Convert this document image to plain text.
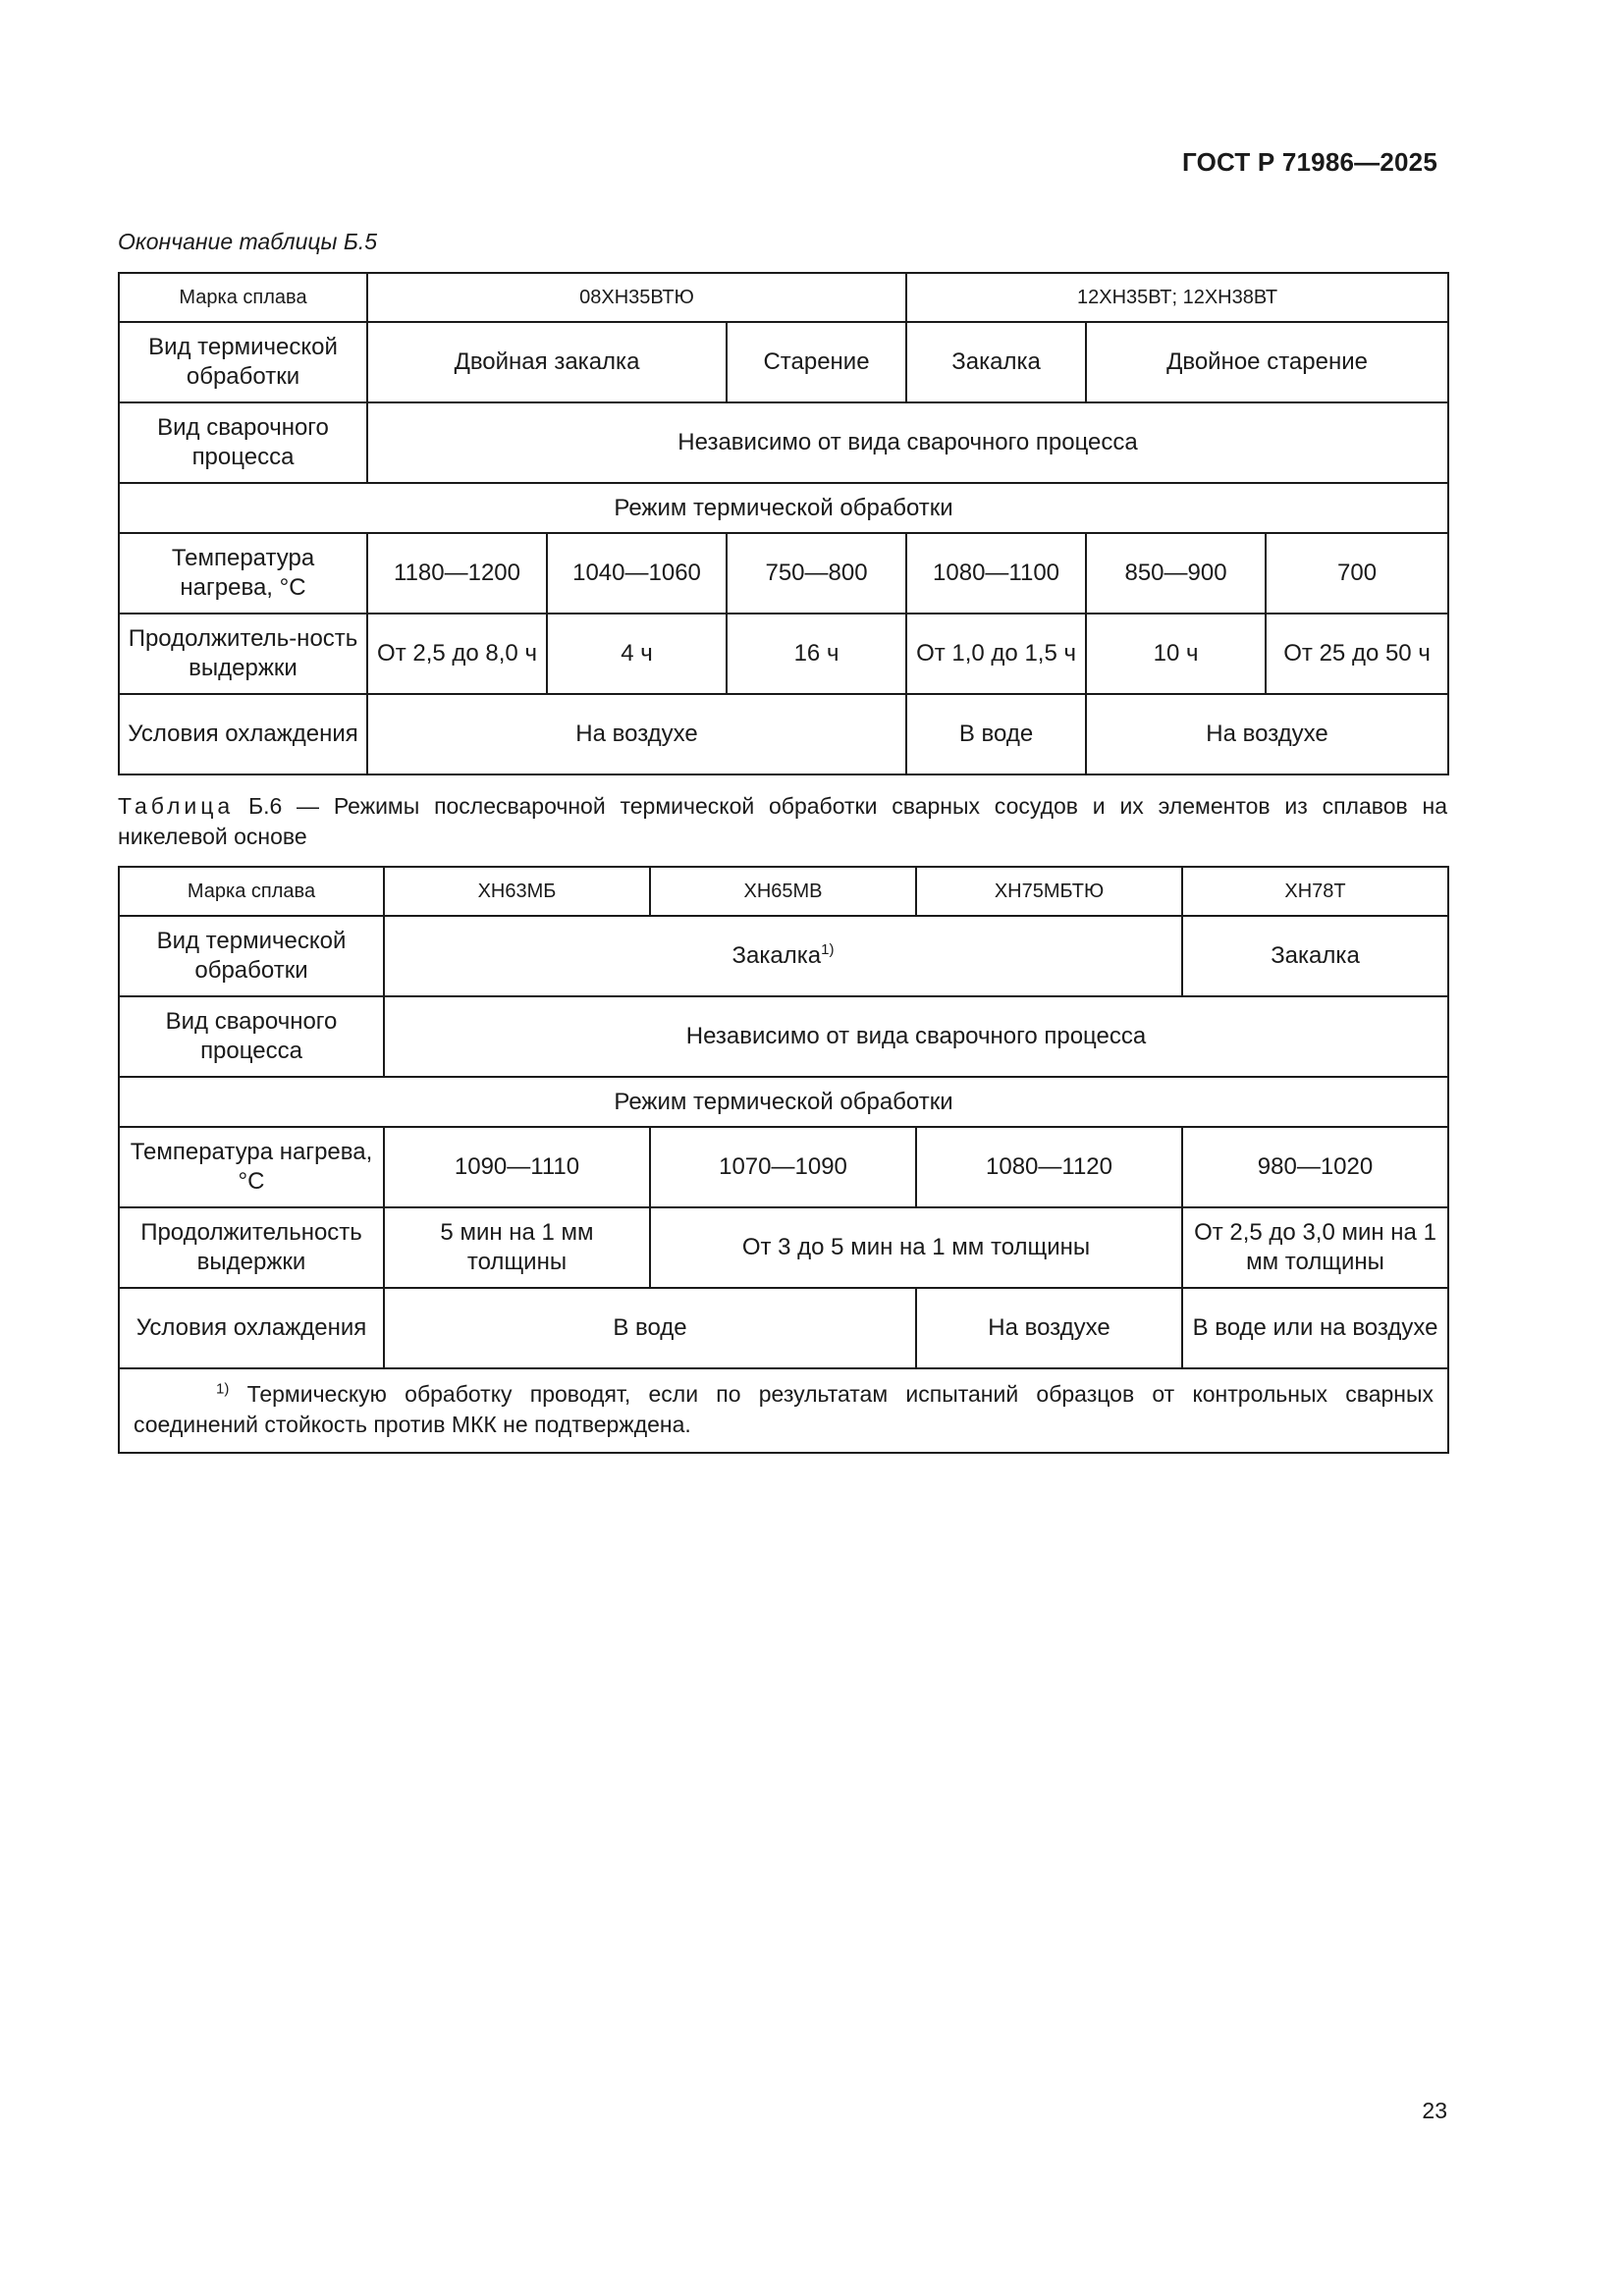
ГОСТ Р 71986—2025
Окончание таблицы Б.5
Марка сплава	08ХН35ВТЮ			12ХН35ВТ; 12ХН38ВТ		
Вид термической обработки	Двойная закалка		Старение	Закалка	Двойное старение	
Вид сварочного процесса	Независимо от вида сварочного процесса					
Режим термической обработки						
Температура нагрева, °С	1180—1200	1040—1060	750—800	1080—1100	850—900	700
Продолжитель-ность выдержки	От 2,5 до 8,0 ч	4 ч	16 ч	От 1,0 до 1,5 ч	10 ч	От 25 до 50 ч
Условия охлаждения	На воздухе			В воде	На воздухе	
Таблица Б.6 — Режимы послесварочной термической обработки сварных сосудов и их элементов из сплавов на никелевой основе
Марка сплава	ХН63МБ	ХН65МВ	ХН75МБТЮ	ХН78Т
Вид термической обработки	Закалка$^{1)}$			Закалка
Вид сварочного процесса	Независимо от вида сварочного процесса			
Режим термической обработки				
Температура нагрева, °С	1090—1110	1070—1090	1080—1120	980—1020
Продолжительность выдержки	5 мин на 1 мм толщины	От 3 до 5 мин на 1 мм толщины		От 2,5 до 3,0 мин на 1 мм толщины
Условия охлаждения	В воде		На воздухе	В воде или на воздухе
$^{1)}$ Термическую обработку проводят, если по результатам испытаний образцов от контрольных сварных соединений стойкость против МКК не подтверждена.				
23
